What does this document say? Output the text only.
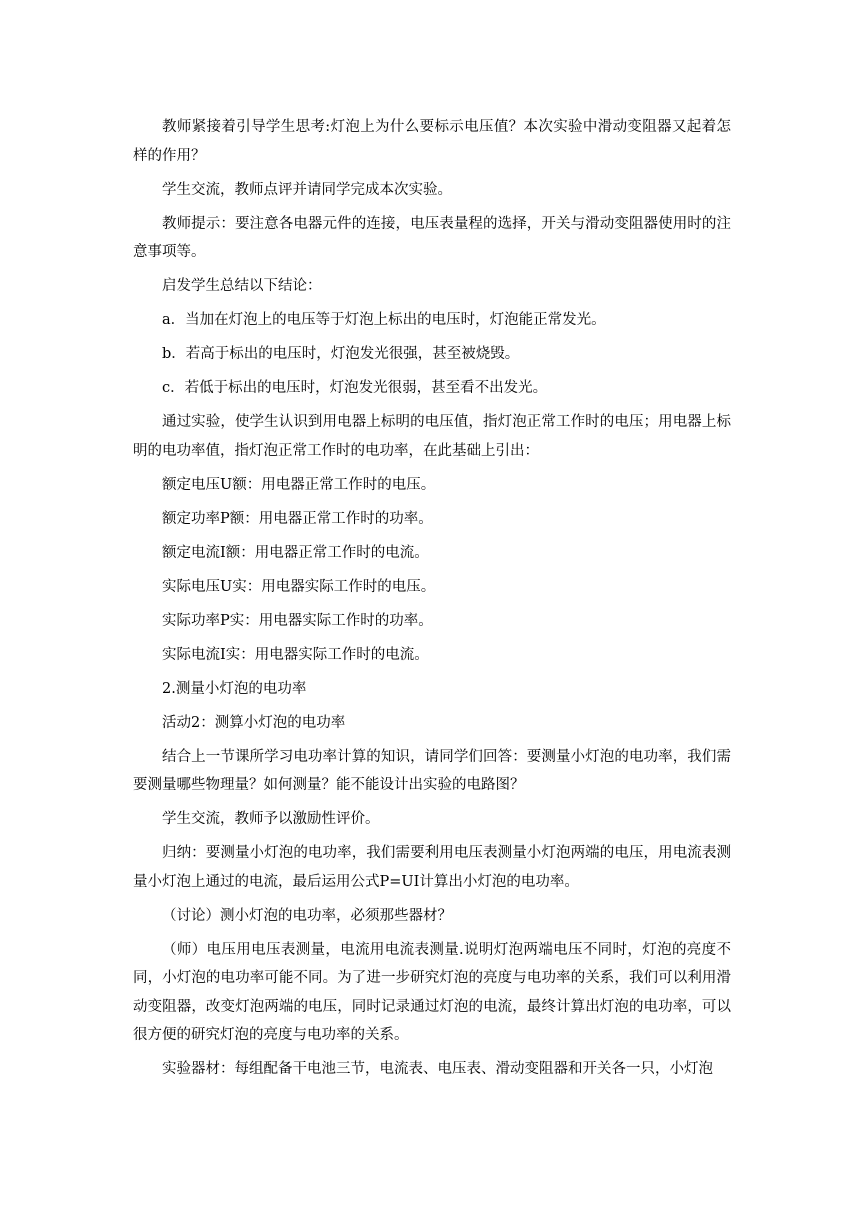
教师紧接着引导学生思考:灯泡上为什么要标示电压值？本次实验中滑动变阻器又起着怎样的作用？

学生交流，教师点评并请同学完成本次实验。

教师提示：要注意各电器元件的连接，电压表量程的选择，开关与滑动变阻器使用时的注意事项等。

启发学生总结以下结论：

a．当加在灯泡上的电压等于灯泡上标出的电压时，灯泡能正常发光。

b．若高于标出的电压时，灯泡发光很强，甚至被烧毁。

c．若低于标出的电压时，灯泡发光很弱，甚至看不出发光。

通过实验，使学生认识到用电器上标明的电压值，指灯泡正常工作时的电压；用电器上标明的电功率值，指灯泡正常工作时的电功率，在此基础上引出：

额定电压U额：用电器正常工作时的电压。

额定功率P额：用电器正常工作时的功率。

额定电流I额：用电器正常工作时的电流。

实际电压U实：用电器实际工作时的电压。

实际功率P实：用电器实际工作时的功率。

实际电流I实：用电器实际工作时的电流。

2.测量小灯泡的电功率

活动2：测算小灯泡的电功率

结合上一节课所学习电功率计算的知识，请同学们回答：要测量小灯泡的电功率，我们需要测量哪些物理量？如何测量？能不能设计出实验的电路图？

学生交流，教师予以激励性评价。

归纳：要测量小灯泡的电功率，我们需要利用电压表测量小灯泡两端的电压，用电流表测量小灯泡上通过的电流，最后运用公式P=UI计算出小灯泡的电功率。

（讨论）测小灯泡的电功率，必须那些器材？

（师）电压用电压表测量，电流用电流表测量.说明灯泡两端电压不同时，灯泡的亮度不同，小灯泡的电功率可能不同。为了进一步研究灯泡的亮度与电功率的关系，我们可以利用滑动变阻器，改变灯泡两端的电压，同时记录通过灯泡的电流，最终计算出灯泡的电功率，可以很方便的研究灯泡的亮度与电功率的关系。

实验器材：每组配备干电池三节，电流表、电压表、滑动变阻器和开关各一只，小灯泡
